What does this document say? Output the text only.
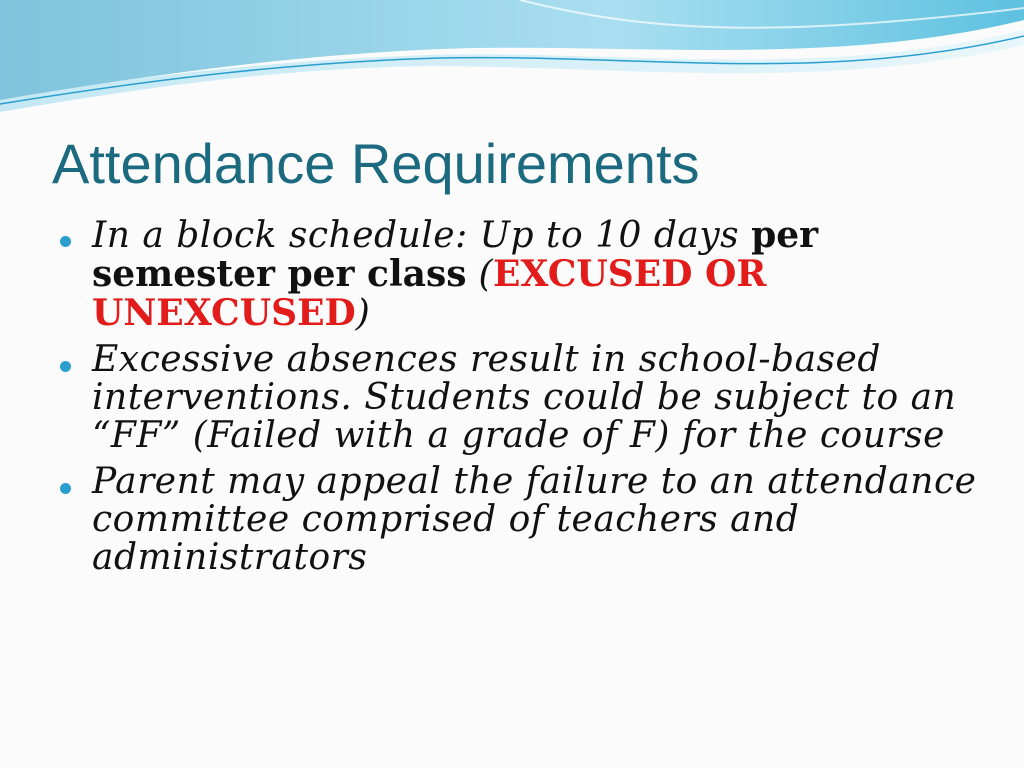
Attendance Requirements
In a block schedule: Up to 10 days per semester per class (EXCUSED OR UNEXCUSED)
Excessive absences result in school-based interventions. Students could be subject to an “FF” (Failed with a grade of F) for the course
Parent may appeal the failure to an attendance committee comprised of teachers and administrators
